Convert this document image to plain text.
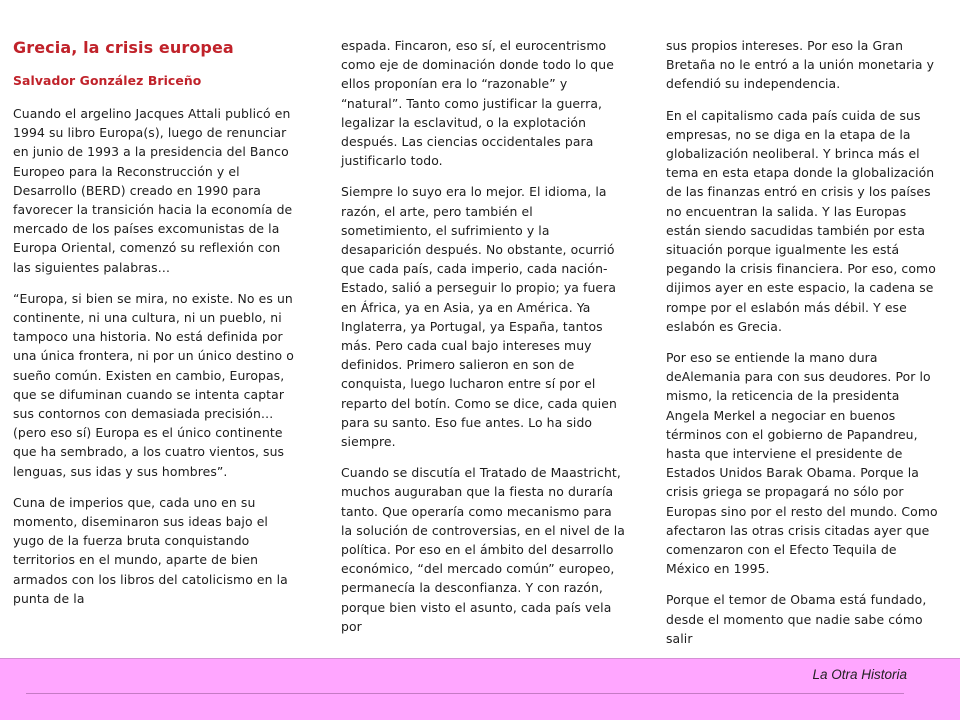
Grecia, la crisis europea
Salvador González Briceño

Cuando el argelino Jacques Attali publicó en 1994 su libro Europa(s), luego de renunciar en junio de 1993 a la presidencia del Banco Europeo para la Reconstrucción y el Desarrollo (BERD) creado en 1990 para favorecer la transición hacia la economía de mercado de los países excomunistas de la Europa Oriental, comenzó su reflexión con las siguientes palabras…

“Europa, si bien se mira, no existe. No es un continente, ni una cultura, ni un pueblo, ni tampoco una historia. No está definida por una única frontera, ni por un único destino o sueño común. Existen en cambio, Europas, que se difuminan cuando se intenta captar sus contornos con demasiada precisión… (pero eso sí) Europa es el único continente que ha sembrado, a los cuatro vientos, sus lenguas, sus idas y sus hombres”.

Cuna de imperios que, cada uno en su momento, diseminaron sus ideas bajo el yugo de la fuerza bruta conquistando territorios en el mundo, aparte de bien armados con los libros del catolicismo en la punta de la

espada. Fincaron, eso sí, el eurocentrismo como eje de dominación donde todo lo que ellos proponían era lo “razonable” y “natural”. Tanto como justificar la guerra, legalizar la esclavitud, o la explotación después. Las ciencias occidentales para justificarlo todo.

Siempre lo suyo era lo mejor. El idioma, la razón, el arte, pero también el sometimiento, el sufrimiento y la desaparición después. No obstante, ocurrió que cada país, cada imperio, cada nación-Estado, salió a perseguir lo propio; ya fuera en África, ya en Asia, ya en América. Ya Inglaterra, ya Portugal, ya España, tantos más. Pero cada cual bajo intereses muy definidos. Primero salieron en son de conquista, luego lucharon entre sí por el reparto del botín. Como se dice, cada quien para su santo. Eso fue antes. Lo ha sido siempre.

Cuando se discutía el Tratado de Maastricht, muchos auguraban que la fiesta no duraría tanto. Que operaría como mecanismo para la solución de controversias, en el nivel de la política. Por eso en el ámbito del desarrollo económico, “del mercado común” europeo, permanecía la desconfianza. Y con razón, porque bien visto el asunto, cada país vela por

sus propios intereses. Por eso la Gran Bretaña no le entró a la unión monetaria y defendió su independencia.

En el capitalismo cada país cuida de sus empresas, no se diga en la etapa de la globalización neoliberal. Y brinca más el tema en esta etapa donde la globalización de las finanzas entró en crisis y los países no encuentran la salida. Y las Europas están siendo sacudidas también por esta situación porque igualmente les está pegando la crisis financiera. Por eso, como dijimos ayer en este espacio, la cadena se rompe por el eslabón más débil. Y ese eslabón es Grecia.

Por eso se entiende la mano dura deAlemania para con sus deudores. Por lo mismo, la reticencia de la presidenta Angela Merkel a negociar en buenos términos con el gobierno de Papandreu, hasta que interviene el presidente de Estados Unidos Barak Obama. Porque la crisis griega se propagará no sólo por Europas sino por el resto del mundo. Como afectaron las otras crisis citadas ayer que comenzaron con el Efecto Tequila de México en 1995.

Porque el temor de Obama está fundado, desde el momento que nadie sabe cómo salir

La Otra Historia
